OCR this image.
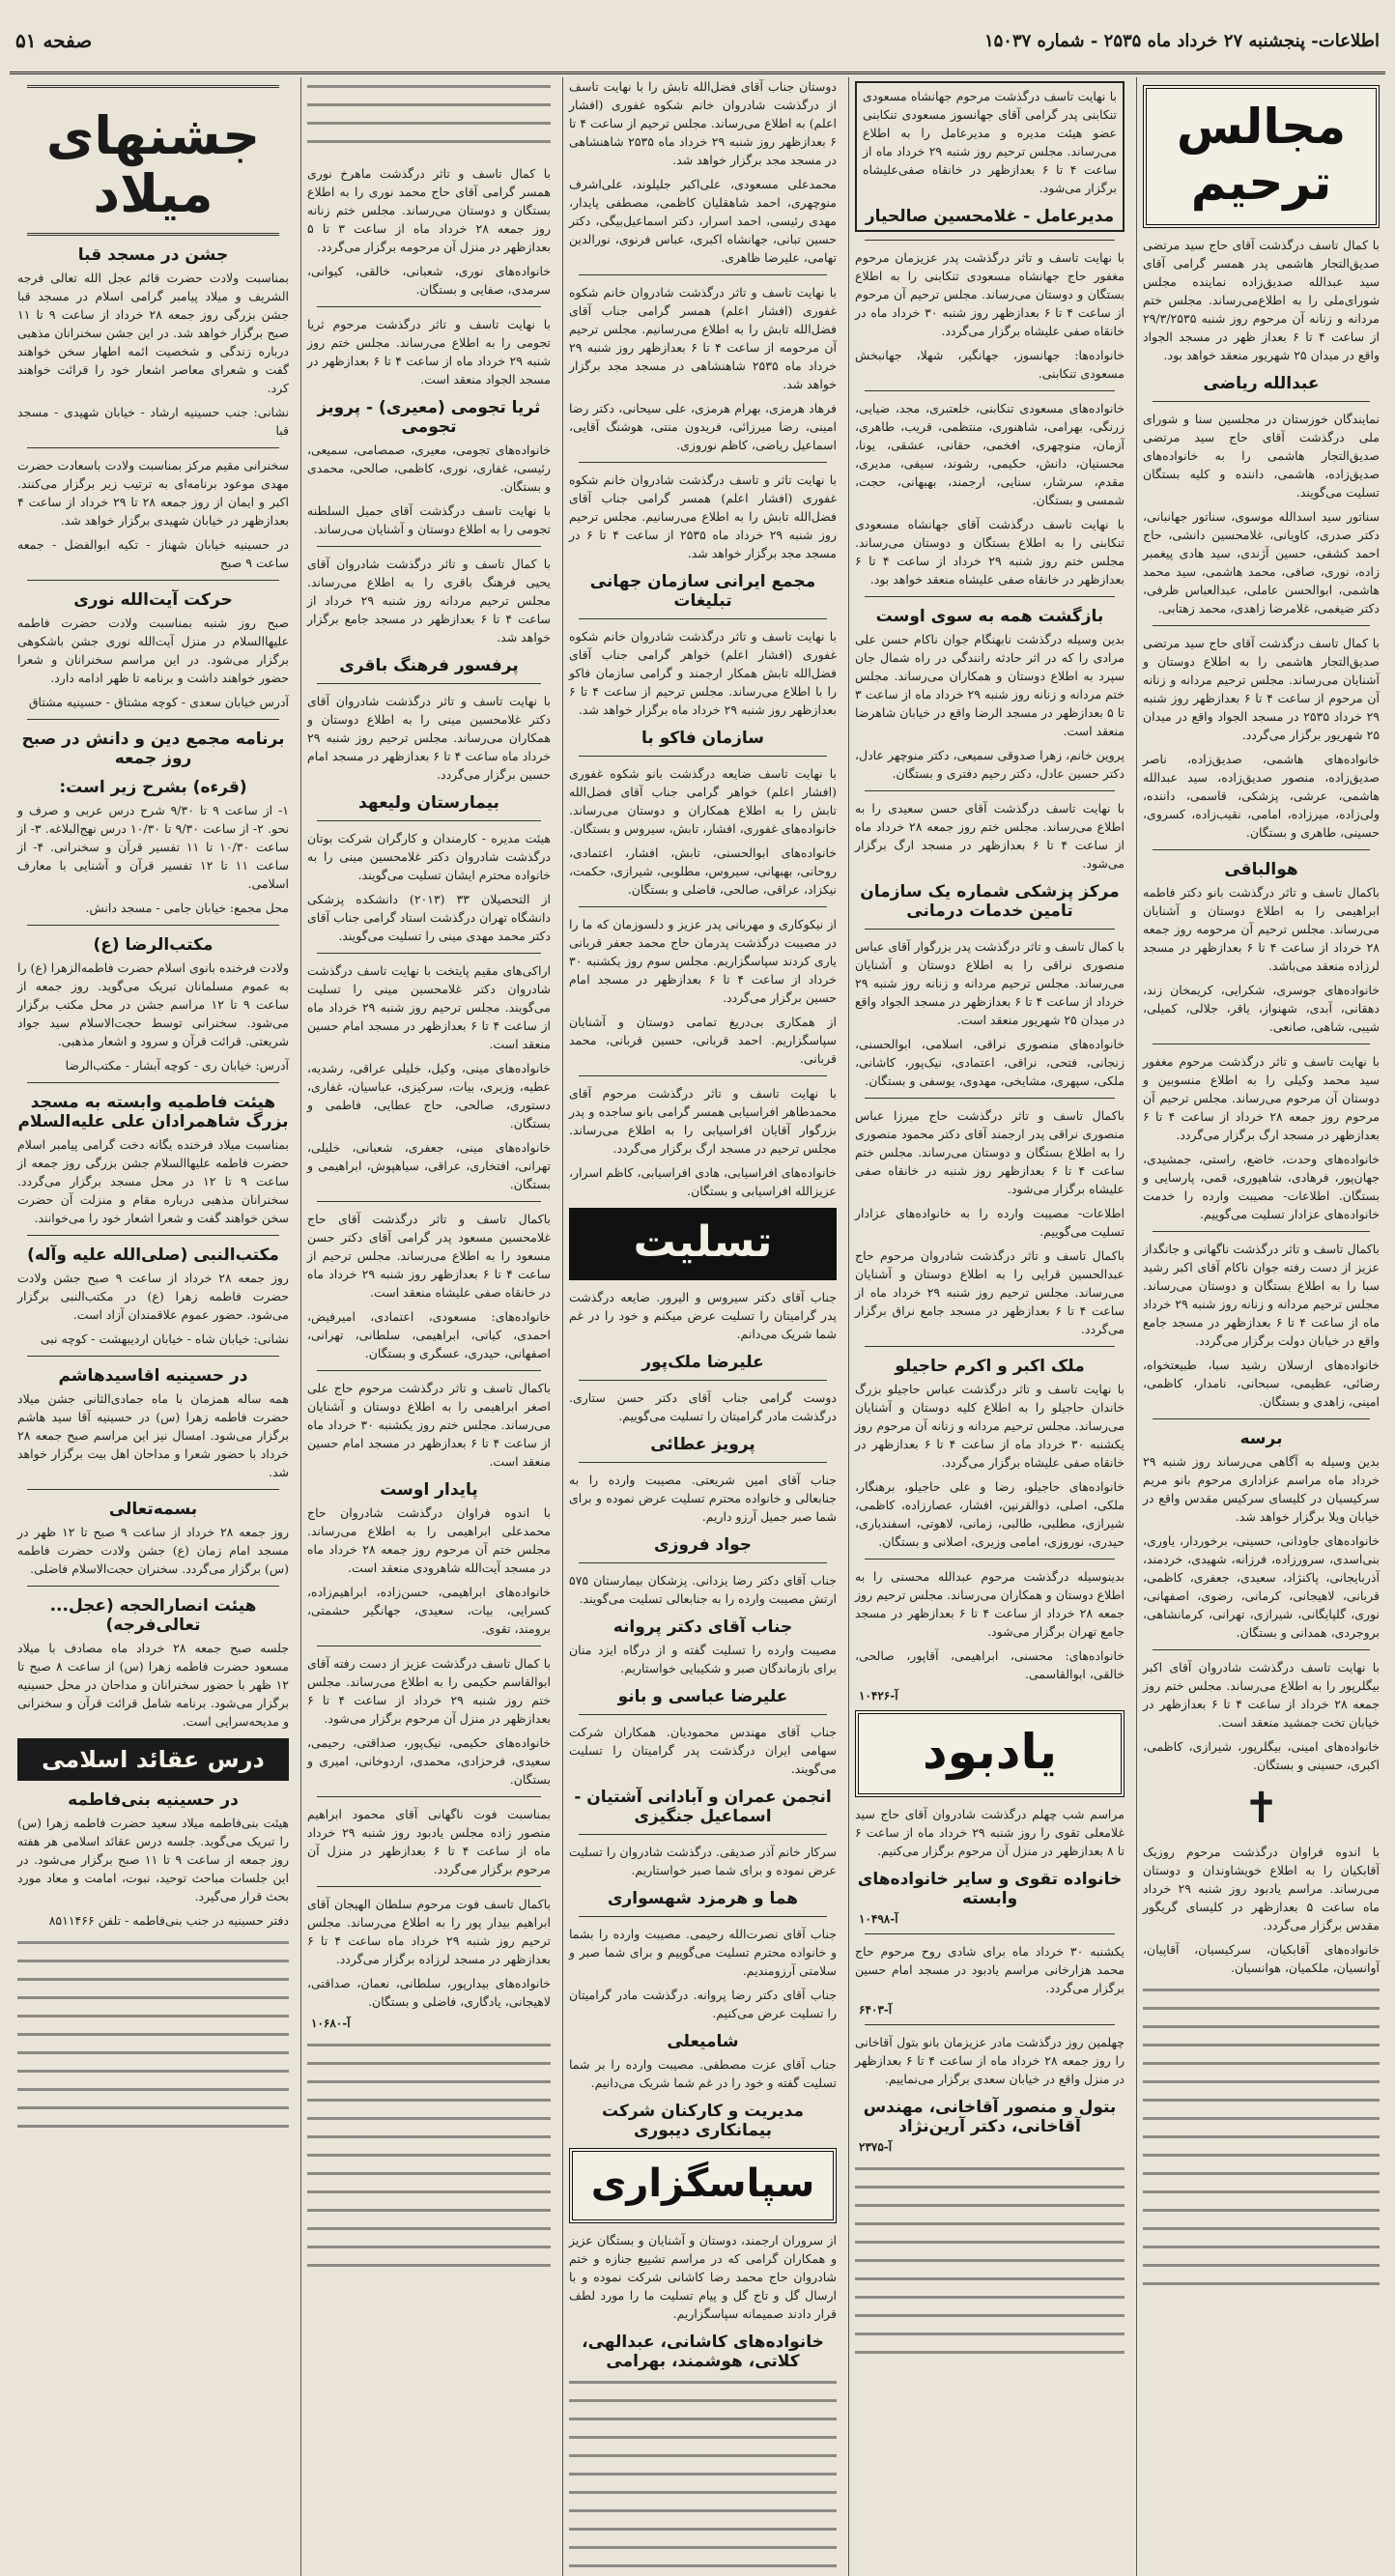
اطلاعات- پنجشنبه ۲۷ خرداد ماه ۲۵۳۵ - شماره ۱۵۰۳۷
صفحه ۵۱
مجالس ترحیم

با کمال تاسف درگذشت آقای حاج سید مرتضی صدیق‌التجار هاشمی پدر همسر گرامی آقای سید عبدالله صدیق‌زاده نماینده مجلس شورای‌ملی را به اطلاع‌می‌رساند. مجلس ختم مردانه و زنانه آن مرحوم روز شنبه ۲۹/۳/۲۵۳۵ از ساعت ۴ تا ۶ بعداز ظهر در مسجد الجواد واقع در میدان ۲۵ شهریور منعقد خواهد بود.

عبدالله ریاضی

نمایندگان خوزستان در مجلسین سنا و شورای ملی درگذشت آقای حاج سید مرتضی صدیق‌التجار هاشمی را به خانواده‌های صدیق‌زاده، هاشمی، داننده و کلیه بستگان تسلیت می‌گویند.

سناتور سید اسدالله موسوی، سناتور جهانبانی، دکتر صدری، کاویانی، غلامحسین دانشی، حاج احمد کشفی، حسین آژندی، سید هادی پیغمبر زاده، نوری، صافی، محمد هاشمی، سید محمد هاشمی، ابوالحسن عاملی، عبدالعباس ظرفی، دکتر ضیغمی، غلامرضا زاهدی، محمد زهتابی.

با کمال تاسف درگذشت آقای حاج سید مرتضی صدیق‌التجار هاشمی را به اطلاع دوستان و آشنایان می‌رساند. مجلس ترحیم مردانه و زنانه آن مرحوم از ساعت ۴ تا ۶ بعدازظهر روز شنبه ۲۹ خرداد ۲۵۳۵ در مسجد الجواد واقع در میدان ۲۵ شهریور برگزار می‌گردد.

خانواده‌های هاشمی، صدیق‌زاده، ناصر صدیق‌زاده، منصور صدیق‌زاده، سید عبدالله هاشمی، عرشی، پزشکی، قاسمی، داننده، ولی‌زاده، میرزاده، امامی، نقیب‌زاده، کسروی، حسینی، طاهری و بستگان.

هوالباقی

باکمال تاسف و تاثر درگذشت بانو دکتر فاطمه ابراهیمی را به اطلاع دوستان و آشنایان می‌رساند. مجلس ترحیم آن مرحومه روز جمعه ۲۸ خرداد از ساعت ۴ تا ۶ بعدازظهر در مسجد لرزاده منعقد می‌باشد.

خانواده‌های جوسری، شکرایی، کریمخان زند، دهقانی، آبدی، شهنواز، یاقر، جلالی، کمیلی، شیبی، شاهی، صانعی.

با نهایت تاسف و تاثر درگذشت مرحوم مغفور سید محمد وکیلی را به اطلاع منسوبین و دوستان آن مرحوم می‌رساند. مجلس ترحیم آن مرحوم روز جمعه ۲۸ خرداد از ساعت ۴ تا ۶ بعدازظهر در مسجد ارگ برگزار می‌گردد.

خانواده‌های وحدت، خاضع، راستی، جمشیدی، جهان‌پور، فرهادی، شاهپوری، قمی، پارسایی و بستگان. اطلاعات- مصیبت وارده را خدمت خانواده‌های عزادار تسلیت می‌گوییم.

باکمال تاسف و تاثر درگذشت ناگهانی و جانگداز عزیز از دست رفته جوان ناکام آقای اکبر رشید سبا را به اطلاع بستگان و دوستان می‌رساند. مجلس ترحیم مردانه و زنانه روز شنبه ۲۹ خرداد ماه از ساعت ۴ تا ۶ بعدازظهر در مسجد جامع واقع در خیابان دولت برگزار می‌گردد.

خانواده‌های ارسلان رشید سبا، طبیعتخواه، رضائی، عظیمی، سبحانی، نامدار، کاظمی، امینی، زاهدی و بستگان.

برسه

بدین وسیله به آگاهی می‌رساند روز شنبه ۲۹ خرداد ماه مراسم عزاداری مرحوم بانو مریم سرکیسیان در کلیسای سرکیس مقدس واقع در خیابان ویلا برگزار خواهد شد.

خانواده‌های جاودانی، حسینی، برخوردار، یاوری، بنی‌اسدی، سرورزاده، فرزانه، شهیدی، خردمند، آذربایجانی، پاکنژاد، سعیدی، جعفری، کاظمی، قربانی، لاهیجانی، کرمانی، رضوی، اصفهانی، نوری، گلپایگانی، شیرازی، تهرانی، کرمانشاهی، بروجردی، همدانی و بستگان.

با نهایت تاسف درگذشت شادروان آقای اکبر بیگلرپور را به اطلاع می‌رساند. مجلس ختم روز جمعه ۲۸ خرداد از ساعت ۴ تا ۶ بعدازظهر در خیابان تخت جمشید منعقد است.

خانواده‌های امینی، بیگلرپور، شیرازی، کاظمی، اکبری، حسینی و بستگان.

✝

با اندوه فراوان درگذشت مرحوم روزیک آقابکیان را به اطلاع خویشاوندان و دوستان می‌رساند. مراسم یادبود روز شنبه ۲۹ خرداد ماه ساعت ۵ بعدازظهر در کلیسای گریگور مقدس برگزار می‌گردد.

خانواده‌های آقابکیان، سرکیسیان، آقاپیان، آوانسیان، ملکمیان، هوانسیان.

با نهایت تاسف درگذشت مرحوم جهانشاه مسعودی تنکابنی پدر گرامی آقای جهانسوز مسعودی تنکابنی عضو هیئت مدیره و مدیرعامل را به اطلاع می‌رساند. مجلس ترحیم روز شنبه ۲۹ خرداد ماه از ساعت ۴ تا ۶ بعدازظهر در خانقاه صفی‌علیشاه برگزار می‌شود.

مدیرعامل - غلامحسین صالحیار

با نهایت تاسف و تاثر درگذشت پدر عزیزمان مرحوم مغفور حاج جهانشاه مسعودی تنکابنی را به اطلاع بستگان و دوستان می‌رساند. مجلس ترحیم آن مرحوم از ساعت ۴ تا ۶ بعدازظهر روز شنبه ۳۰ خرداد ماه در خانقاه صفی علیشاه برگزار می‌گردد.

خانواده‌ها: جهانسوز، جهانگیر، شهلا، جهانبخش مسعودی تنکابنی.

خانواده‌های مسعودی تنکابنی، خلعتبری، مجد، ضیایی، زرنگی، بهرامی، شاهنوری، منتظمی، قریب، طاهری، آزمان، منوچهری، افخمی، حقانی، عشقی، یونا، محسنیان، دانش، حکیمی، رشوند، سیفی، مدیری، مقدم، سرشار، سنایی، ارجمند، بهبهانی، حجت، شمسی و بستگان.

با نهایت تاسف درگذشت آقای جهانشاه مسعودی تنکابنی را به اطلاع بستگان و دوستان می‌رساند. مجلس ختم روز شنبه ۲۹ خرداد از ساعت ۴ تا ۶ بعدازظهر در خانقاه صفی علیشاه منعقد خواهد بود.

بازگشت همه به سوی اوست

بدین وسیله درگذشت نابهنگام جوان ناکام حسن علی مرادی را که در اثر حادثه رانندگی در راه شمال جان سپرد به اطلاع دوستان و همکاران می‌رساند. مجلس ختم مردانه و زنانه روز شنبه ۲۹ خرداد ماه از ساعت ۳ تا ۵ بعدازظهر در مسجد الرضا واقع در خیابان شاهرضا منعقد است.

پروین خانم، زهرا صدوقی سمیعی، دکتر منوچهر عادل، دکتر حسین عادل، دکتر رحیم دفتری و بستگان.

با نهایت تاسف درگذشت آقای حسن سعیدی را به اطلاع می‌رساند. مجلس ختم روز جمعه ۲۸ خرداد ماه از ساعت ۴ تا ۶ بعدازظهر در مسجد ارگ برگزار می‌شود.

مرکز پزشکی شماره یک سازمان تامین خدمات درمانی

با کمال تاسف و تاثر درگذشت پدر بزرگوار آقای عباس منصوری نراقی را به اطلاع دوستان و آشنایان می‌رساند. مجلس ترحیم مردانه و زنانه روز شنبه ۲۹ خرداد از ساعت ۴ تا ۶ بعدازظهر در مسجد الجواد واقع در میدان ۲۵ شهریور منعقد است.

خانواده‌های منصوری نراقی، اسلامی، ابوالحسنی، زنجانی، فتحی، نراقی، اعتمادی، نیک‌پور، کاشانی، ملکی، سپهری، مشایخی، مهدوی، یوسفی و بستگان.

باکمال تاسف و تاثر درگذشت حاج میرزا عباس منصوری نراقی پدر ارجمند آقای دکتر محمود منصوری را به اطلاع بستگان و دوستان می‌رساند. مجلس ختم ساعت ۴ تا ۶ بعدازظهر روز شنبه در خانقاه صفی علیشاه برگزار می‌شود.

اطلاعات- مصیبت وارده را به خانواده‌های عزادار تسلیت می‌گوییم.

باکمال تاسف و تاثر درگذشت شادروان مرحوم حاج عبدالحسین قرایی را به اطلاع دوستان و آشنایان می‌رساند. مجلس ترحیم روز شنبه ۲۹ خرداد ماه از ساعت ۴ تا ۶ بعدازظهر در مسجد جامع نراق برگزار می‌گردد.

ملک اکبر و اکرم حاجیلو

با نهایت تاسف و تاثر درگذشت عباس حاجیلو بزرگ خاندان حاجیلو را به اطلاع کلیه دوستان و آشنایان می‌رساند. مجلس ترحیم مردانه و زنانه آن مرحوم روز یکشنبه ۳۰ خرداد ماه از ساعت ۴ تا ۶ بعدازظهر در خانقاه صفی علیشاه برگزار می‌گردد.

خانواده‌های حاجیلو، رضا و علی حاجیلو، برهنگار، ملکی، اصلی، ذوالقرنین، افشار، عصارزاده، کاظمی، شیرازی، مطلبی، طالبی، زمانی، لاهوتی، اسفندیاری، حیدری، نوروزی، امامی وزیری، اصلانی و بستگان.

بدینوسیله درگذشت مرحوم عبدالله محسنی را به اطلاع دوستان و همکاران می‌رساند. مجلس ترحیم روز جمعه ۲۸ خرداد از ساعت ۴ تا ۶ بعدازظهر در مسجد جامع تهران برگزار می‌شود.

خانواده‌های: محسنی، ابراهیمی، آقاپور، صالحی، خالقی، ابوالقاسمی.

آ-۱۰۴۲۶
یادبود

مراسم شب چهلم درگذشت شادروان آقای حاج سید غلامعلی تقوی را روز شنبه ۲۹ خرداد ماه از ساعت ۶ تا ۸ بعدازظهر در منزل آن مرحوم برگزار می‌کنیم.

خانواده تقوی و سایر خانواده‌های وابسته
آ-۱۰۴۹۸

یکشنبه ۳۰ خرداد ماه برای شادی روح مرحوم حاج محمد هزارخانی مراسم یادبود در مسجد امام حسین برگزار می‌گردد.

آ-۶۴۰۳

چهلمین روز درگذشت مادر عزیزمان بانو بتول آقاخانی را روز جمعه ۲۸ خرداد ماه از ساعت ۴ تا ۶ بعدازظهر در منزل واقع در خیابان سعدی برگزار می‌نماییم.

بتول و منصور آقاخانی، مهندس آقاخانی، دکتر آرین‌نژاد
آ-۲۳۷۵

دوستان جناب آقای فضل‌الله تابش را با نهایت تاسف از درگذشت شادروان خانم شکوه غفوری (افشار اعلم) به اطلاع می‌رساند. مجلس ترحیم از ساعت ۴ تا ۶ بعدازظهر روز شنبه ۲۹ خرداد ماه ۲۵۳۵ شاهنشاهی در مسجد مجد برگزار خواهد شد.

محمدعلی مسعودی، علی‌اکبر جلیلوند، علی‌اشرف منوچهری، احمد شاهقلیان کاظمی، مصطفی پایدار، مهدی رئیسی، احمد اسرار، دکتر اسماعیل‌بیگی، دکتر حسین تبانی، جهانشاه اکبری، عباس فرنوی، نورالدین تهامی، علیرضا ظاهری.

با نهایت تاسف و تاثر درگذشت شادروان خانم شکوه غفوری (افشار اعلم) همسر گرامی جناب آقای فضل‌الله تابش را به اطلاع می‌رسانیم. مجلس ترحیم آن مرحومه از ساعت ۴ تا ۶ بعدازظهر روز شنبه ۲۹ خرداد ماه ۲۵۳۵ شاهنشاهی در مسجد مجد برگزار خواهد شد.

فرهاد هرمزی، بهرام هرمزی، علی سیحانی، دکتر رضا امینی، رضا میرزائی، فریدون منتی، هوشنگ آقایی، اسماعیل ریاضی، کاظم نوروزی.

با نهایت تاثر و تاسف درگذشت شادروان خانم شکوه غفوری (افشار اعلم) همسر گرامی جناب آقای فضل‌الله تابش را به اطلاع می‌رسانیم. مجلس ترحیم روز شنبه ۲۹ خرداد ماه ۲۵۳۵ از ساعت ۴ تا ۶ در مسجد مجد برگزار خواهد شد.

مجمع ایرانی سازمان جهانی تبلیغات

با نهایت تاسف و تاثر درگذشت شادروان خانم شکوه غفوری (افشار اعلم) خواهر گرامی جناب آقای فضل‌الله تابش همکار ارجمند و گرامی سازمان فاکو را با اطلاع می‌رساند. مجلس ترحیم از ساعت ۴ تا ۶ بعدازظهر روز شنبه ۲۹ خرداد ماه برگزار خواهد شد.

سازمان فاکو با

با نهایت تاسف ضایعه درگذشت بانو شکوه غفوری (افشار اعلم) خواهر گرامی جناب آقای فضل‌الله تابش را به اطلاع همکاران و دوستان می‌رساند. خانواده‌های غفوری، افشار، تابش، سیروس و بستگان.

خانواده‌های ابوالحسنی، تابش، افشار، اعتمادی، روحانی، بهبهانی، سیروس، مطلوبی، شیرازی، حکمت، نیکزاد، عراقی، صالحی، فاضلی و بستگان.

از نیکوکاری و مهربانی پدر عزیز و دلسوزمان که ما را در مصیبت درگذشت پدرمان حاج محمد جعفر قربانی یاری کردند سپاسگزاریم. مجلس سوم روز یکشنبه ۳۰ خرداد از ساعت ۴ تا ۶ بعدازظهر در مسجد امام حسین برگزار می‌گردد.

از همکاری بی‌دریغ تمامی دوستان و آشنایان سپاسگزاریم. احمد قربانی، حسین قربانی، محمد قربانی.

با نهایت تاسف و تاثر درگذشت مرحوم آقای محمدطاهر افراسیابی همسر گرامی بانو ساجده و پدر بزرگوار آقایان افراسیابی را به اطلاع می‌رساند. مجلس ترحیم در مسجد ارگ برگزار می‌گردد.

خانواده‌های افراسیابی، هادی افراسیابی، کاظم اسرار، عزیزالله افراسیابی و بستگان.

تسلیت

جناب آقای دکتر سیروس و الیرور. ضایعه درگذشت پدر گرامیتان را تسلیت عرض میکنم و خود را در غم شما شریک می‌دانم.

علیرضا ملک‌پور

دوست گرامی جناب آقای دکتر حسن ستاری. درگذشت مادر گرامیتان را تسلیت می‌گوییم.

پرویز عطائی

جناب آقای امین شریعتی. مصیبت وارده را به جنابعالی و خانواده محترم تسلیت عرض نموده و برای شما صبر جمیل آرزو داریم.

جواد فروزی

جناب آقای دکتر رضا یزدانی. پزشکان بیمارستان ۵۷۵ ارتش مصیبت وارده را به جنابعالی تسلیت می‌گویند.

جناب آقای دکتر پروانه

مصیبت وارده را تسلیت گفته و از درگاه ایزد منان برای بازماندگان صبر و شکیبایی خواستاریم.

علیرضا عباسی و بانو

جناب آقای مهندس محمودیان. همکاران شرکت سهامی ایران درگذشت پدر گرامیتان را تسلیت می‌گویند.

انجمن عمران و آبادانی آشتیان - اسماعیل جنگیزی

سرکار خانم آذر صدیقی. درگذشت شادروان را تسلیت عرض نموده و برای شما صبر خواستاریم.

هما و هرمزد شهسواری

جناب آقای نصرت‌الله رحیمی. مصیبت وارده را بشما و خانواده محترم تسلیت می‌گوییم و برای شما صبر و سلامتی آرزومندیم.

جناب آقای دکتر رضا پروانه. درگذشت مادر گرامیتان را تسلیت عرض می‌کنیم.

شامیعلی

جناب آقای عزت مصطفی. مصیبت وارده را بر شما تسلیت گفته و خود را در غم شما شریک می‌دانیم.

مدیریت و کارکنان شرکت بیمانکاری دیبوری
سپاسگزاری

از سروران ارجمند، دوستان و آشنایان و بستگان عزیز و همکاران گرامی که در مراسم تشییع جنازه و ختم شادروان حاج محمد رضا کاشانی شرکت نموده و با ارسال گل و تاج گل و پیام تسلیت ما را مورد لطف قرار دادند صمیمانه سپاسگزاریم.

خانواده‌های کاشانی، عبدالهی، کلاتی، هوشمند، بهرامی

با کمال تاسف و تاثر درگذشت ماهرخ نوری همسر گرامی آقای حاج محمد نوری را به اطلاع بستگان و دوستان می‌رساند. مجلس ختم زنانه روز جمعه ۲۸ خرداد ماه از ساعت ۳ تا ۵ بعدازظهر در منزل آن مرحومه برگزار می‌گردد.

خانواده‌های نوری، شعبانی، خالقی، کیوانی، سرمدی، صفایی و بستگان.

با نهایت تاسف و تاثر درگذشت مرحوم ثریا تجومی را به اطلاع می‌رساند. مجلس ختم روز شنبه ۲۹ خرداد ماه از ساعت ۴ تا ۶ بعدازظهر در مسجد الجواد منعقد است.

ثریا تجومی (معیری) - پرویز تجومی

خانواده‌های تجومی، معیری، صمصامی، سمیعی، رئیسی، غفاری، نوری، کاظمی، صالحی، محمدی و بستگان.

با نهایت تاسف درگذشت آقای جمیل السلطنه تجومی را به اطلاع دوستان و آشنایان می‌رساند.

با کمال تاسف و تاثر درگذشت شادروان آقای یحیی فرهنگ باقری را به اطلاع می‌رساند. مجلس ترحیم مردانه روز شنبه ۲۹ خرداد از ساعت ۴ تا ۶ بعدازظهر در مسجد جامع برگزار خواهد شد.

پرفسور فرهنگ باقری

با نهایت تاسف و تاثر درگذشت شادروان آقای دکتر غلامحسین مینی را به اطلاع دوستان و همکاران می‌رساند. مجلس ترحیم روز شنبه ۲۹ خرداد ماه ساعت ۴ تا ۶ بعدازظهر در مسجد امام حسین برگزار می‌گردد.

بیمارستان ولیعهد

هیئت مدیره - کارمندان و کارگران شرکت بوتان درگذشت شادروان دکتر غلامحسین مینی را به خانواده محترم ایشان تسلیت می‌گویند.

از التحصیلان ۳۳ (۲۰۱۳) دانشکده پزشکی دانشگاه تهران درگذشت استاد گرامی جناب آقای دکتر محمد مهدی مینی را تسلیت می‌گویند.

اراکی‌های مقیم پایتخت با نهایت تاسف درگذشت شادروان دکتر غلامحسین مینی را تسلیت می‌گویند. مجلس ترحیم روز شنبه ۲۹ خرداد ماه از ساعت ۴ تا ۶ بعدازظهر در مسجد امام حسین منعقد است.

خانواده‌های مینی، وکیل، خلیلی عراقی، رشدیه، عطیه، وزیری، بیات، سرکیزی، عباسیان، غفاری، دستوری، صالحی، حاج عطایی، فاطمی و بستگان.

خانواده‌های مینی، جعفری، شعبانی، خلیلی، تهرانی، افتخاری، عراقی، سیاهپوش، ابراهیمی و بستگان.

باکمال تاسف و تاثر درگذشت آقای حاج غلامحسین مسعود پدر گرامی آقای دکتر حسن مسعود را به اطلاع می‌رساند. مجلس ترحیم از ساعت ۴ تا ۶ بعدازظهر روز شنبه ۲۹ خرداد ماه در خانقاه صفی علیشاه منعقد است.

خانواده‌های: مسعودی، اعتمادی، امیرفیض، احمدی، کیانی، ابراهیمی، سلطانی، تهرانی، اصفهانی، حیدری، عسگری و بستگان.

باکمال تاسف و تاثر درگذشت مرحوم حاج علی اصغر ابراهیمی را به اطلاع دوستان و آشنایان می‌رساند. مجلس ختم روز یکشنبه ۳۰ خرداد ماه از ساعت ۴ تا ۶ بعدازظهر در مسجد امام حسین منعقد است.

پایدار اوست

با اندوه فراوان درگذشت شادروان حاج محمدعلی ابراهیمی را به اطلاع می‌رساند. مجلس ختم آن مرحوم روز جمعه ۲۸ خرداد ماه در مسجد آیت‌الله شاهرودی منعقد است.

خانواده‌های ابراهیمی، حسن‌زاده، ابراهیم‌زاده، کسرایی، بیات، سعیدی، جهانگیر حشمتی، برومند، تقوی.

با کمال تاسف درگذشت عزیز از دست رفته آقای ابوالقاسم حکیمی را به اطلاع می‌رساند. مجلس ختم روز شنبه ۲۹ خرداد از ساعت ۴ تا ۶ بعدازظهر در منزل آن مرحوم برگزار می‌شود.

خانواده‌های حکیمی، نیک‌پور، صداقتی، رحیمی، سعیدی، فرحزادی، محمدی، اردوخانی، امیری و بستگان.

بمناسبت فوت ناگهانی آقای محمود ابراهیم منصور زاده مجلس یادبود روز شنبه ۲۹ خرداد ماه از ساعت ۴ تا ۶ بعدازظهر در منزل آن مرحوم برگزار می‌گردد.

باکمال تاسف فوت مرحوم سلطان الهیجان آقای ابراهیم بیدار پور را به اطلاع می‌رساند. مجلس ترحیم روز شنبه ۲۹ خرداد ماه ساعت ۴ تا ۶ بعدازظهر در مسجد لرزاده برگزار می‌گردد.

خانواده‌های بیدارپور، سلطانی، نعمان، صداقتی، لاهیجانی، یادگاری، فاضلی و بستگان.

آ-۱۰۶۸۰
جشنهای میلاد
جشن در مسجد قبا

بمناسبت ولادت حضرت قائم عجل الله تعالی فرجه الشریف و میلاد پیامبر گرامی اسلام در مسجد قبا جشن بزرگی روز جمعه ۲۸ خرداد از ساعت ۹ تا ۱۱ صبح برگزار خواهد شد. در این جشن سخنرانان مذهبی درباره زندگی و شخصیت ائمه اطهار سخن خواهند گفت و شعرای معاصر اشعار خود را قرائت خواهند کرد.

نشانی: جنب حسینیه ارشاد - خیابان شهیدی - مسجد قبا

سخنرانی مقیم مرکز بمناسبت ولادت باسعادت حضرت مهدی موعود برنامه‌ای به ترتیب زیر برگزار می‌کنند. اکبر و ایمان از روز جمعه ۲۸ تا ۲۹ خرداد از ساعت ۴ بعدازظهر در خیابان شهیدی برگزار خواهد شد.

در حسینیه خیابان شهناز - تکیه ابوالفضل - جمعه ساعت ۹ صبح

حرکت آیت‌الله نوری

صبح روز شنبه بمناسبت ولادت حضرت فاطمه علیهاالسلام در منزل آیت‌الله نوری جشن باشکوهی برگزار می‌شود. در این مراسم سخنرانان و شعرا حضور خواهند داشت و برنامه تا ظهر ادامه دارد.

آدرس خیابان سعدی - کوچه مشتاق - حسینیه مشتاق

برنامه مجمع دین و دانش در صبح روز جمعه
(قرءه) بشرح زیر است:

۱- از ساعت ۹ تا ۹/۳۰ شرح درس عربی و صرف و نحو. ۲- از ساعت ۹/۳۰ تا ۱۰/۳۰ درس نهج‌البلاغه. ۳- از ساعت ۱۰/۳۰ تا ۱۱ تفسیر قرآن و سخنرانی. ۴- از ساعت ۱۱ تا ۱۲ تفسیر قرآن و آشنایی با معارف اسلامی.

محل مجمع: خیابان جامی - مسجد دانش.

مکتب‌الرضا (ع)

ولادت فرخنده بانوی اسلام حضرت فاطمه‌الزهرا (ع) را به عموم مسلمانان تبریک می‌گوید. روز جمعه از ساعت ۹ تا ۱۲ مراسم جشن در محل مکتب برگزار می‌شود. سخنرانی توسط حجت‌الاسلام سید جواد شریعتی. قرائت قرآن و سرود و اشعار مذهبی.

آدرس: خیابان ری - کوچه آبشار - مکتب‌الرضا

هیئت فاطمیه وابسته به مسجد بزرگ شاهمرادان علی علیه‌السلام

بمناسبت میلاد فرخنده یگانه دخت گرامی پیامبر اسلام حضرت فاطمه علیهاالسلام جشن بزرگی روز جمعه از ساعت ۹ تا ۱۲ در محل مسجد برگزار می‌گردد. سخنرانان مذهبی درباره مقام و منزلت آن حضرت سخن خواهند گفت و شعرا اشعار خود را می‌خوانند.

مکتب‌النبی (صلی‌الله علیه وآله)

روز جمعه ۲۸ خرداد از ساعت ۹ صبح جشن ولادت حضرت فاطمه زهرا (ع) در مکتب‌النبی برگزار می‌شود. حضور عموم علاقمندان آزاد است.

نشانی: خیابان شاه - خیابان اردیبهشت - کوچه نبی

در حسینیه اقاسیدهاشم

همه ساله همزمان با ماه جمادی‌الثانی جشن میلاد حضرت فاطمه زهرا (س) در حسینیه آقا سید هاشم برگزار می‌شود. امسال نیز این مراسم صبح جمعه ۲۸ خرداد با حضور شعرا و مداحان اهل بیت برگزار خواهد شد.

بسمه‌تعالی

روز جمعه ۲۸ خرداد از ساعت ۹ صبح تا ۱۲ ظهر در مسجد امام زمان (ع) جشن ولادت حضرت فاطمه (س) برگزار می‌گردد. سخنران حجت‌الاسلام فاضلی.

هیئت انصارالحجه (عجل... تعالی‌فرجه)

جلسه صبح جمعه ۲۸ خرداد ماه مصادف با میلاد مسعود حضرت فاطمه زهرا (س) از ساعت ۸ صبح تا ۱۲ ظهر با حضور سخنرانان و مداحان در محل حسینیه برگزار می‌شود. برنامه شامل قرائت قرآن و سخنرانی و مدیحه‌سرایی است.

درس عقائد اسلامی
در حسینیه بنی‌فاطمه

هیئت بنی‌فاطمه میلاد سعید حضرت فاطمه زهرا (س) را تبریک می‌گوید. جلسه درس عقائد اسلامی هر هفته روز جمعه از ساعت ۹ تا ۱۱ صبح برگزار می‌شود. در این جلسات مباحث توحید، نبوت، امامت و معاد مورد بحث قرار می‌گیرد.

دفتر حسینیه در جنب بنی‌فاطمه - تلفن ۸۵۱۱۴۶۶
